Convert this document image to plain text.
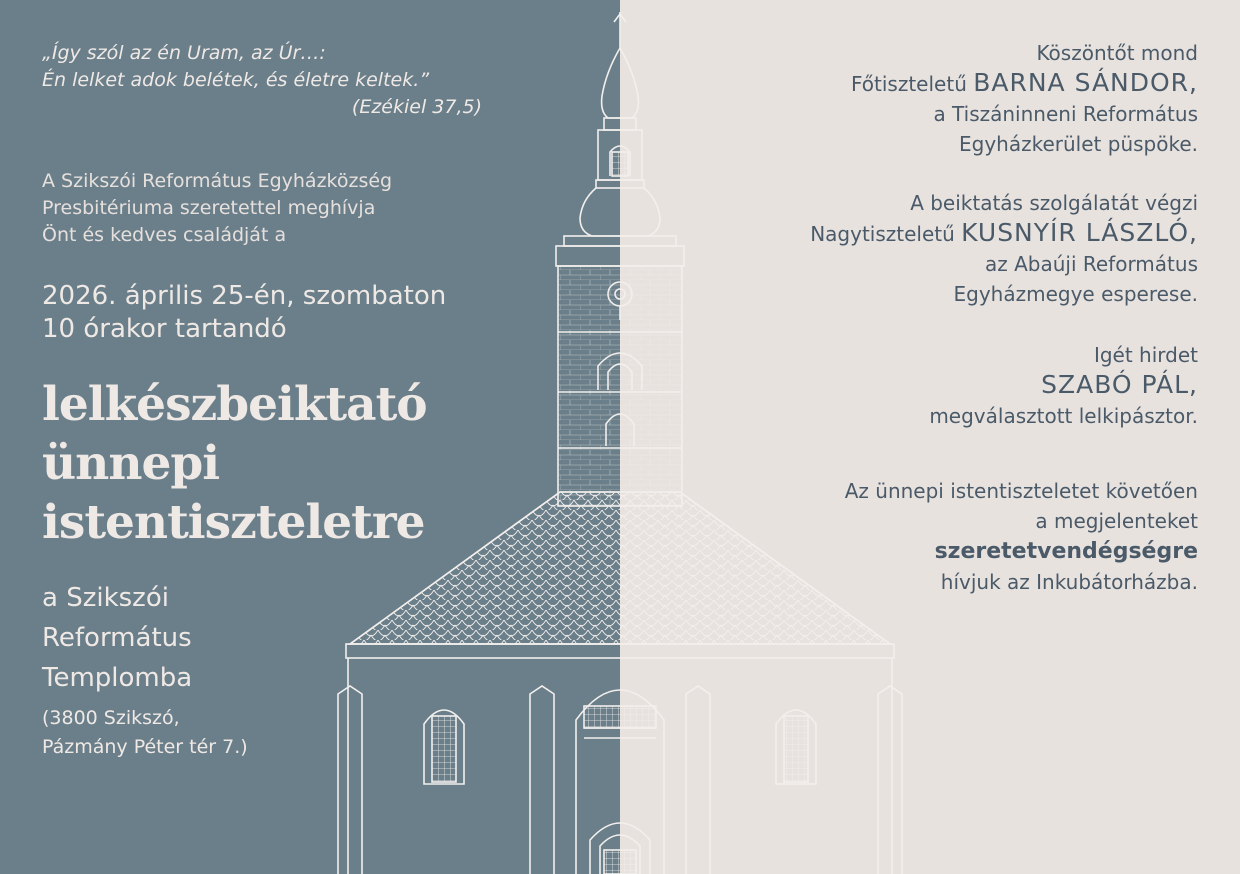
„Így szól az én Uram, az Úr…:
Én lelket adok belétek, és életre keltek.”

(Ezékiel 37,5)
A Szikszói Református Egyházközség
Presbitériuma szeretettel meghívja
Önt és kedves családját a
2026. április 25-én, szombaton
10 órakor tartandó
lelkészbeiktató
ünnepi
istentiszteletre
a Szikszói
Református
Templomba
(3800 Szikszó,
Pázmány Péter tér 7.)
Köszöntőt mond
Főtiszteletű BARNA SÁNDOR,
a Tiszáninneni Református
Egyházkerület püspöke.
A beiktatás szolgálatát végzi
Nagytiszteletű KUSNYÍR LÁSZLÓ,
az Abaúji Református
Egyházmegye esperese.
Igét hirdet
SZABÓ PÁL,
megválasztott lelkipásztor.
Az ünnepi istentiszteletet követően
a megjelenteket
szeretetvendégségre
hívjuk az Inkubátorházba.
